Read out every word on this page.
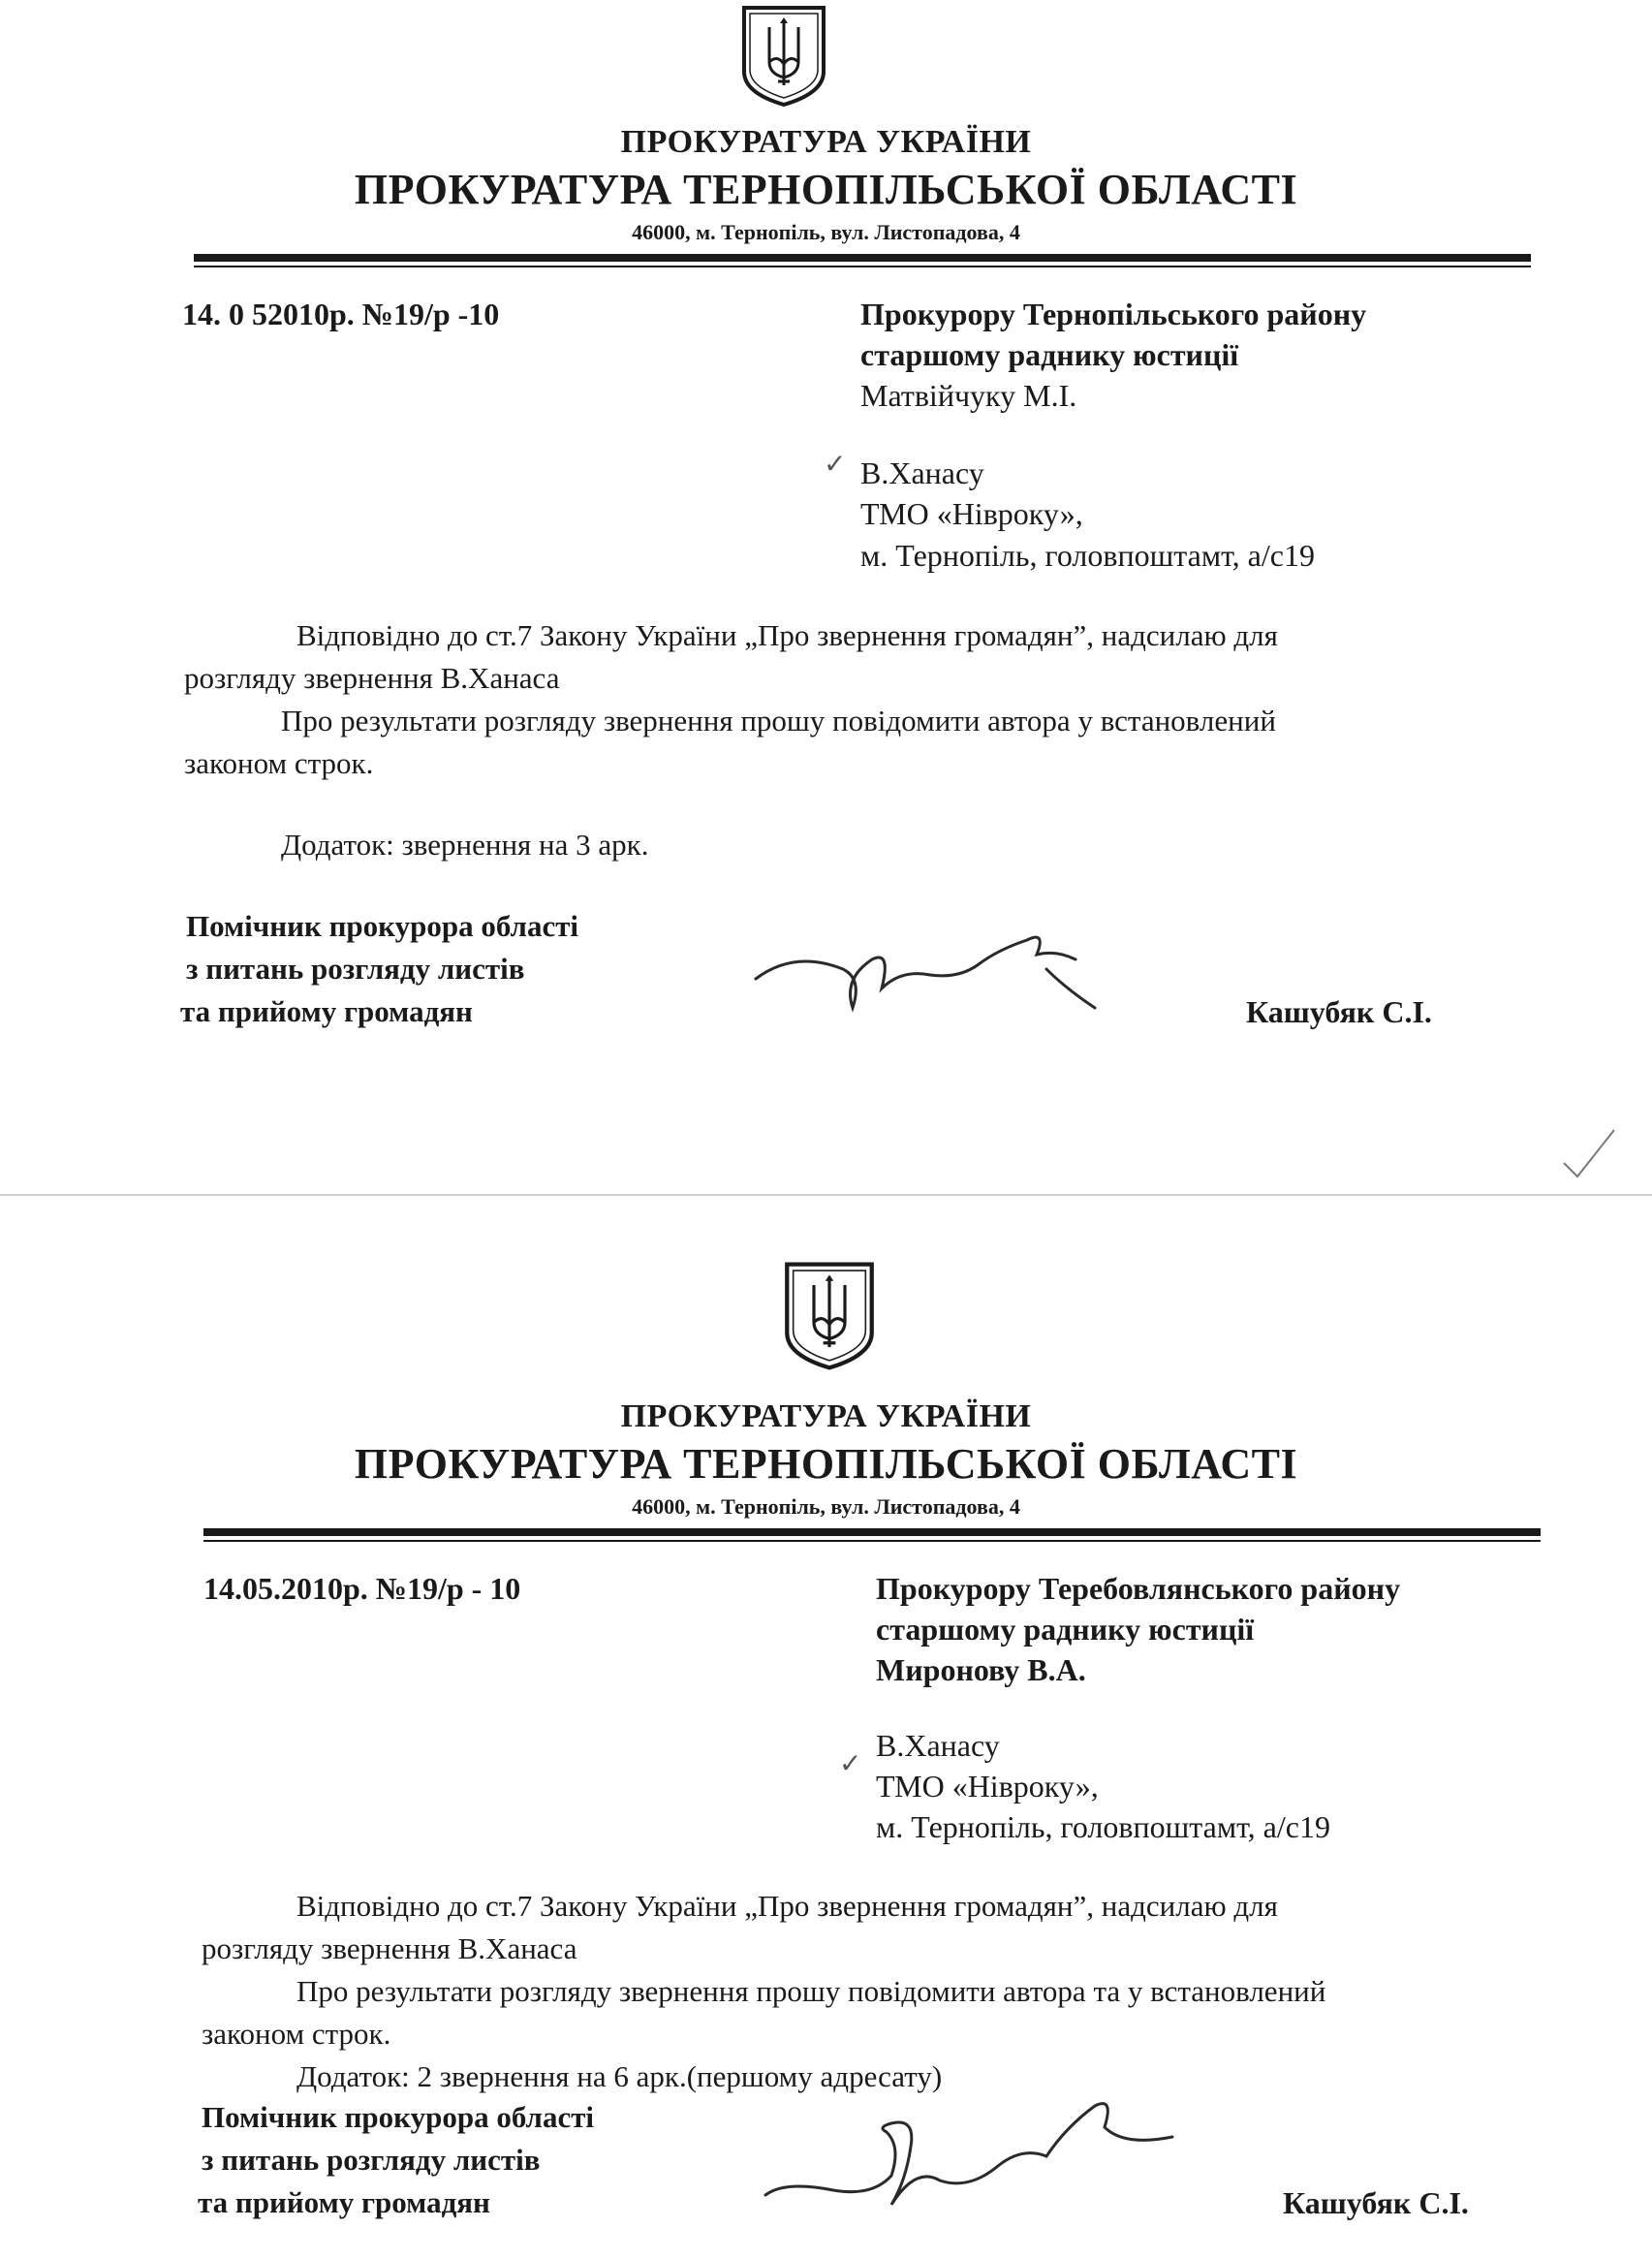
ПРОКУРАТУРА УКРАЇНИ
ПРОКУРАТУРА ТЕРНОПІЛЬСЬКОЇ ОБЛАСТІ
46000, м. Тернопіль, вул. Листопадова, 4
14. 0 52010р. №19/р -10	Прокурору Тернопільського району
старшому раднику юстиції
Матвійчуку М.І.
✓ В.Ханасу
ТМО «Нівроку»,
м. Тернопіль, головпоштамт, а/с19
Відповідно до ст.7 Закону України „Про звернення громадян”, надсилаю для
розгляду звернення В.Ханаса
Про результати розгляду звернення прошу повідомити автора у встановлений
законом строк.
Додаток: звернення на 3 арк.
Помічник прокурора області
з питань розгляду листів
та прийому громадян	Кашубяк С.І.
ПРОКУРАТУРА УКРАЇНИ
ПРОКУРАТУРА ТЕРНОПІЛЬСЬКОЇ ОБЛАСТІ
46000, м. Тернопіль, вул. Листопадова, 4
14.05.2010р. №19/р - 10	Прокурору Теребовлянського району
старшому раднику юстиції
Миронову В.А.
✓
В.Ханасу
ТМО «Нівроку»,
м. Тернопіль, головпоштамт, а/с19
Відповідно до ст.7 Закону України „Про звернення громадян”, надсилаю для
розгляду звернення В.Ханаса
Про результати розгляду звернення прошу повідомити автора та у встановлений
законом строк.
Додаток: 2 звернення на 6 арк.(першому адресату)
Помічник прокурора області
з питань розгляду листів
та прийому громадян	Кашубяк С.І.
